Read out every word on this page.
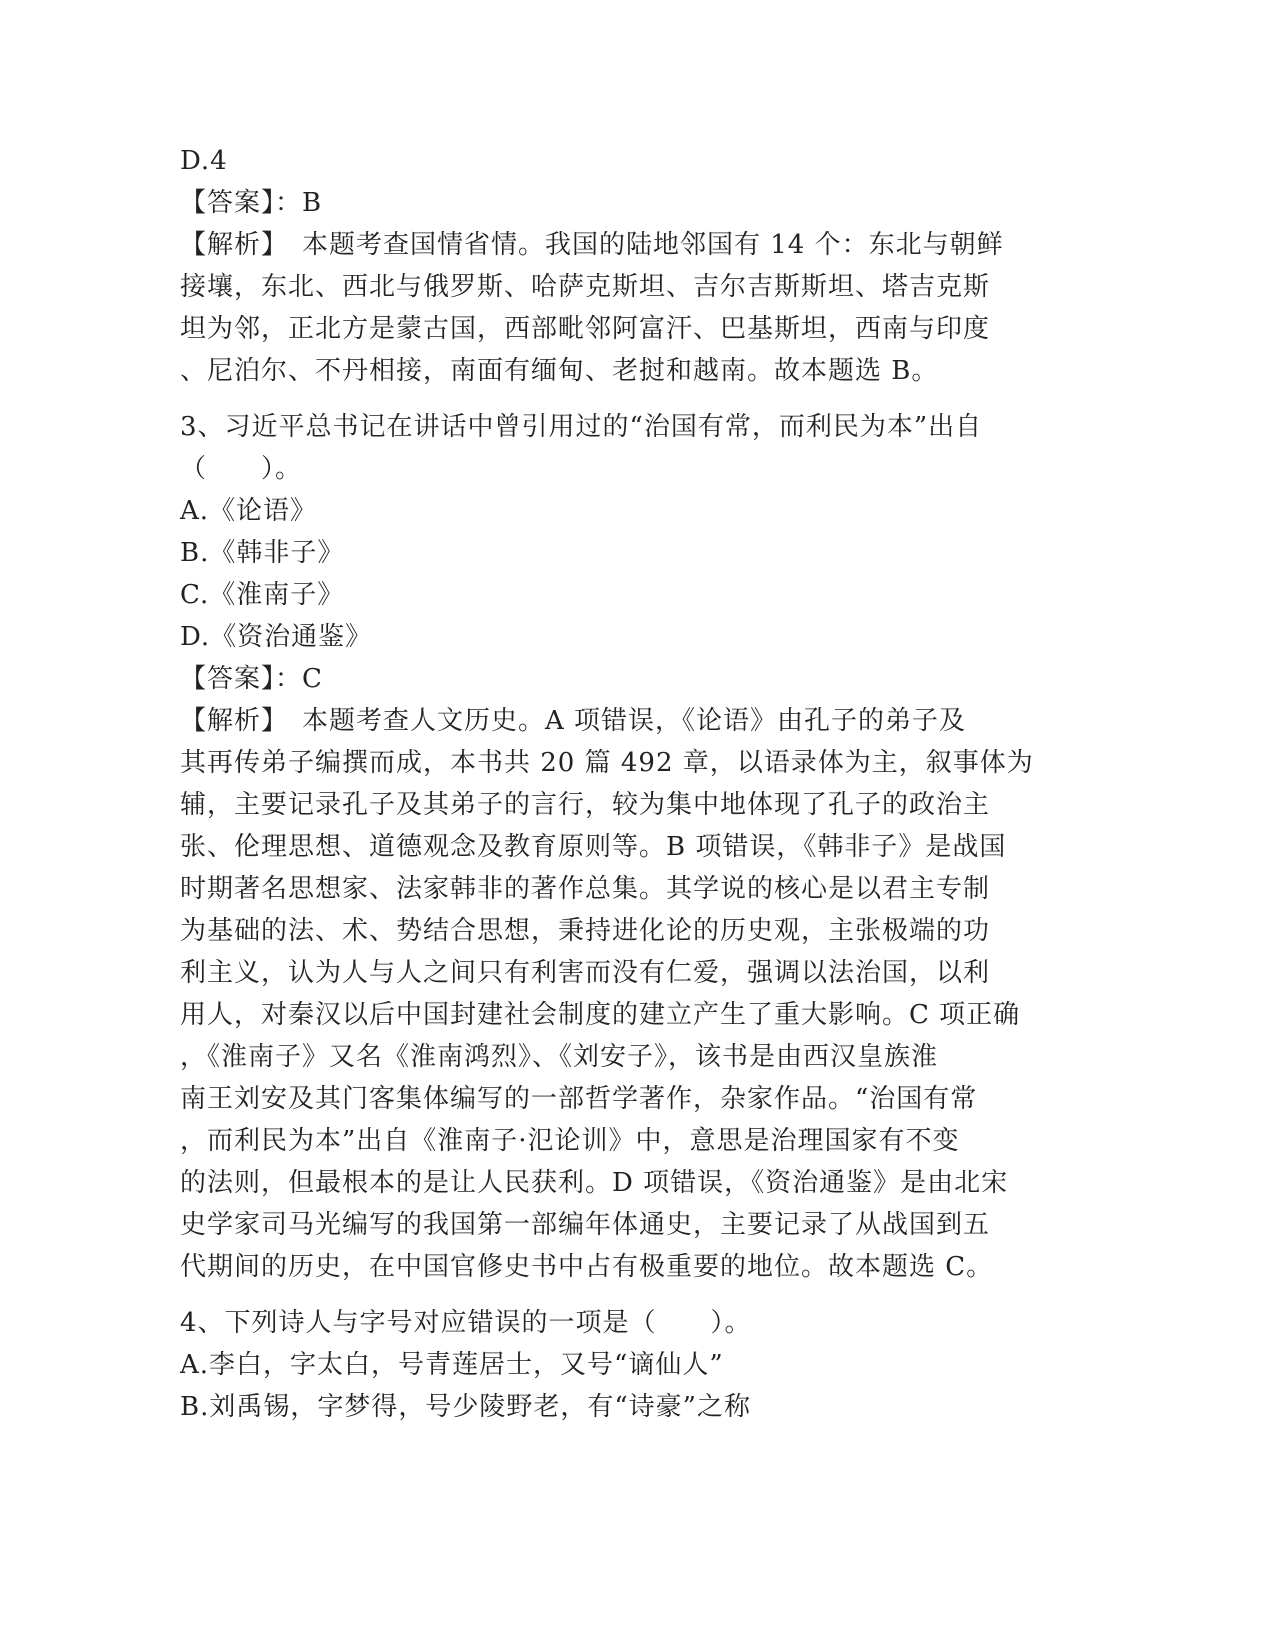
D.4
【答案】：B
【解析】　本题考查国情省情。我国的陆地邻国有 14 个：东北与朝鲜
接壤，东北、西北与俄罗斯、哈萨克斯坦、吉尔吉斯斯坦、塔吉克斯
坦为邻，正北方是蒙古国，西部毗邻阿富汗、巴基斯坦，西南与印度
、尼泊尔、不丹相接，南面有缅甸、老挝和越南。故本题选 B。
3、习近平总书记在讲话中曾引用过的“治国有常，而利民为本”出自
（　　）。
A.《论语》
B.《韩非子》
C.《淮南子》
D.《资治通鉴》
【答案】：C
【解析】　本题考查人文历史。A 项错误，《论语》由孔子的弟子及
其再传弟子编撰而成，本书共 20 篇 492 章，以语录体为主，叙事体为
辅，主要记录孔子及其弟子的言行，较为集中地体现了孔子的政治主
张、伦理思想、道德观念及教育原则等。B 项错误，《韩非子》是战国
时期著名思想家、法家韩非的著作总集。其学说的核心是以君主专制
为基础的法、术、势结合思想，秉持进化论的历史观，主张极端的功
利主义，认为人与人之间只有利害而没有仁爱，强调以法治国，以利
用人，对秦汉以后中国封建社会制度的建立产生了重大影响。C 项正确
，《淮南子》又名《淮南鸿烈》、《刘安子》，该书是由西汉皇族淮
南王刘安及其门客集体编写的一部哲学著作，杂家作品。“治国有常
，而利民为本”出自《淮南子·氾论训》中，意思是治理国家有不变
的法则，但最根本的是让人民获利。D 项错误，《资治通鉴》是由北宋
史学家司马光编写的我国第一部编年体通史，主要记录了从战国到五
代期间的历史，在中国官修史书中占有极重要的地位。故本题选 C。
4、下列诗人与字号对应错误的一项是（　　）。
A.李白，字太白，号青莲居士，又号“谪仙人”
B.刘禹锡，字梦得，号少陵野老，有“诗豪”之称
